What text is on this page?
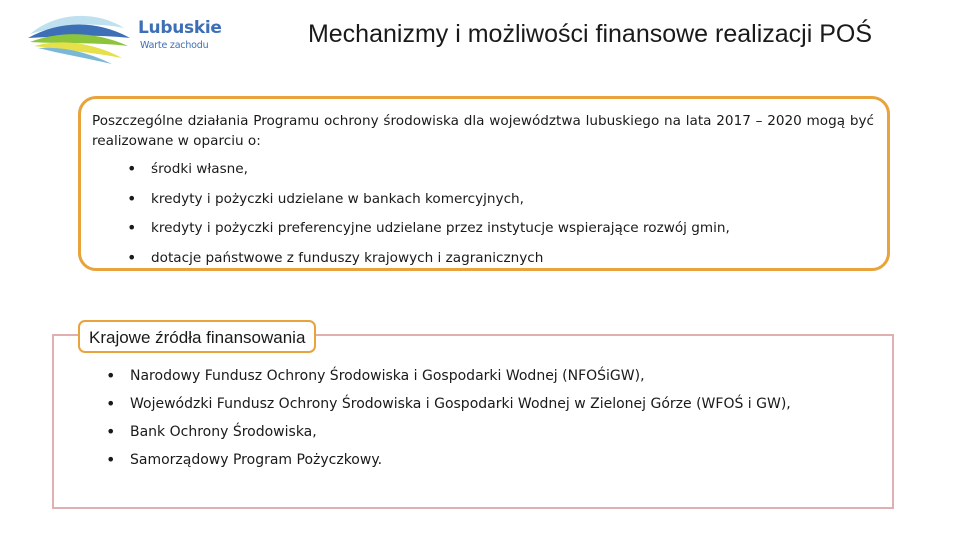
Lubuskie
Warte zachodu	Mechanizmy i możliwości finansowe realizacji POŚ
Poszczególne działania Programu ochrony środowiska dla województwa lubuskiego na lata 2017 – 2020 mogą być realizowane w oparciu o:
• środki własne,
• kredyty i pożyczki udzielane w bankach komercyjnych,
• kredyty i pożyczki preferencyjne udzielane przez instytucje wspierające rozwój gmin,
• dotacje państwowe z funduszy krajowych i zagranicznych
Krajowe źródła finansowania
• Narodowy Fundusz Ochrony Środowiska i Gospodarki Wodnej (NFOŚiGW),
• Wojewódzki Fundusz Ochrony Środowiska i Gospodarki Wodnej w Zielonej Górze (WFOŚ i GW),
• Bank Ochrony Środowiska,
• Samorządowy Program Pożyczkowy.
